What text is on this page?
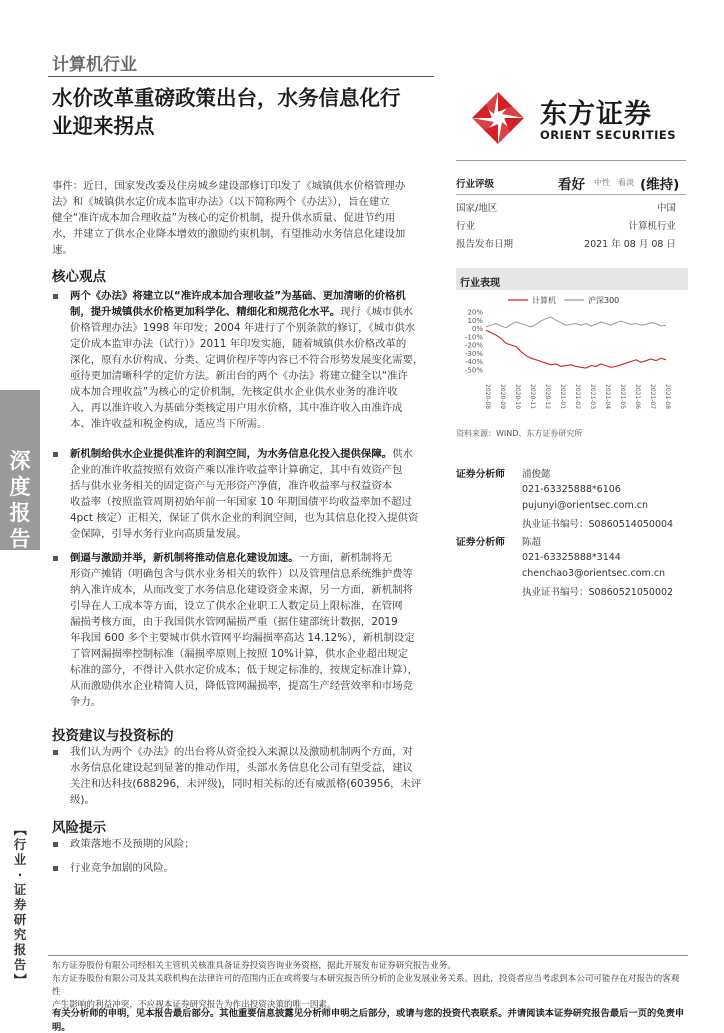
深
度
报
告
【
行
业
·
证
券
研
究
报
告
】
计算机行业
水价改革重磅政策出台，水务信息化行
业迎来拐点	东方证券
ORIENT SECURITIES
事件：近日，国家发改委及住房城乡建设部修订印发了《城镇供水价格管理办
法》和《城镇供水定价成本监审办法》（以下简称两个《办法》），旨在建立
健全“准许成本加合理收益”为核心的定价机制，提升供水质量、促进节约用
水，并建立了供水企业降本增效的激励约束机制，有望推动水务信息化建设加
速。
核心观点
两个《办法》将建立以“准许成本加合理收益”为基础、更加清晰的价格机
制，提升城镇供水价格更加科学化、精细化和规范化水平。现行《城市供水
价格管理办法》1998 年印发；2004 年进行了个别条款的修订，《城市供水
定价成本监审办法（试行）》2011 年印发实施，随着城镇供水价格改革的
深化，原有水价构成、分类、定调价程序等内容已不符合形势发展变化需要，
亟待更加清晰科学的定价方法。新出台的两个《办法》将建立健全以“准许
成本加合理收益”为核心的定价机制，先核定供水企业供水业务的准许收
入，再以准许收入为基础分类核定用户用水价格，其中准许收入由准许成
本、准许收益和税金构成，适应当下所需。
新机制给供水企业提供准许的利润空间，为水务信息化投入提供保障。供水
企业的准许收益按照有效资产乘以准许收益率计算确定，其中有效资产包
括与供水业务相关的固定资产与无形资产净值，准许收益率与权益资本
收益率（按照监管周期初始年前一年国家 10 年期国债平均收益率加不超过
4pct 核定）正相关，保证了供水企业的利润空间，也为其信息化投入提供资
金保障，引导水务行业向高质量发展。
倒逼与激励并举，新机制将推动信息化建设加速。一方面，新机制将无
形资产摊销（明确包含与供水业务相关的软件）以及管理信息系统维护费等
纳入准许成本，从而改变了水务信息化建设资金来源，另一方面，新机制将
引导在人工成本等方面，设立了供水企业职工人数定员上限标准，在管网
漏损考核方面，由于我国供水管网漏损严重（据住建部统计数据，2019
年我国 600 多个主要城市供水管网平均漏损率高达 14.12%），新机制设定
了管网漏损率控制标准（漏损率原则上按照 10%计算，供水企业超出规定
标准的部分，不得计入供水定价成本；低于规定标准的，按规定标准计算），
从而激励供水企业精简人员，降低管网漏损率，提高生产经营效率和市场竞
争力。
投资建议与投资标的
我们认为两个《办法》的出台将从资金投入来源以及激励机制两个方面，对
水务信息化建设起到显著的推动作用，头部水务信息化公司有望受益，建议
关注和达科技(688296，未评级)，同时相关标的还有威派格(603956，未评
级)。
风险提示
政策落地不及预期的风险；
行业竞争加剧的风险。
行业评级	看好 中性 看淡 (维持)
国家/地区	中国
行业	计算机行业
报告发布日期	2021 年 08 月 08 日
行业表现
计算机	沪深300
20%
10%
0%
-10%
-20%
-30%
-40%
-50%
2020-08 2020-09 2020-10 2020-11 2020-12 2021-01 2021-02 2021-03 2021-04 2021-05 2021-06 2021-07 2021-08
资料来源：WIND、东方证券研究所
证券分析师 浦俊懿
021-63325888*6106
pujunyi@orientsec.com.cn
执业证书编号：S0860514050004
证券分析师 陈超
021-63325888*3144
chenchao3@orientsec.com.cn
执业证书编号：S0860521050002
东方证券股份有限公司经相关主管机关核准具备证券投资咨询业务资格，据此开展发布证券研究报告业务。
东方证券股份有限公司及其关联机构在法律许可的范围内正在或将要与本研究报告所分析的企业发展业务关系。因此，投资者应当考虑到本公司可能存在对报告的客观性
产生影响的利益冲突，不应视本证券研究报告为作出投资决策的唯一因素。
有关分析师的申明，见本报告最后部分。其他重要信息披露见分析师申明之后部分，或请与您的投资代表联系。并请阅读本证券研究报告最后一页的免责申明。
